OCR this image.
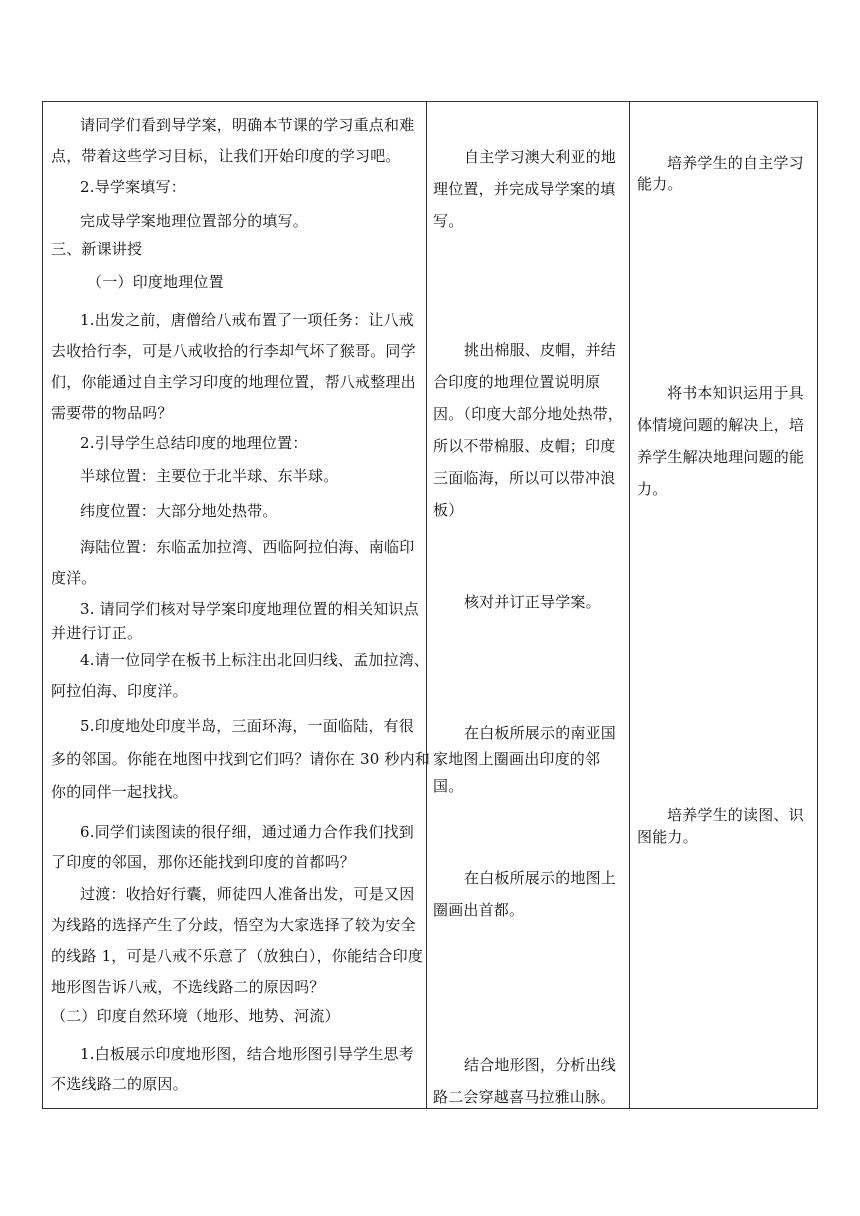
请同学们看到导学案，明确本节课的学习重点和难
点，带着这些学习目标，让我们开始印度的学习吧。
2.导学案填写：
完成导学案地理位置部分的填写。
三、新课讲授
（一）印度地理位置
1.出发之前，唐僧给八戒布置了一项任务：让八戒
去收拾行李，可是八戒收拾的行李却气坏了猴哥。同学
们，你能通过自主学习印度的地理位置，帮八戒整理出
需要带的物品吗？
2.引导学生总结印度的地理位置：
半球位置：主要位于北半球、东半球。
纬度位置：大部分地处热带。
海陆位置：东临孟加拉湾、西临阿拉伯海、南临印
度洋。
3. 请同学们核对导学案印度地理位置的相关知识点
并进行订正。
4.请一位同学在板书上标注出北回归线、孟加拉湾、
阿拉伯海、印度洋。
5.印度地处印度半岛，三面环海，一面临陆，有很
多的邻国。你能在地图中找到它们吗？请你在 30 秒内和
你的同伴一起找找。
6.同学们读图读的很仔细，通过通力合作我们找到
了印度的邻国，那你还能找到印度的首都吗？
过渡：收拾好行囊，师徒四人准备出发，可是又因
为线路的选择产生了分歧，悟空为大家选择了较为安全
的线路 1，可是八戒不乐意了（放独白），你能结合印度
地形图告诉八戒，不选线路二的原因吗？
（二）印度自然环境（地形、地势、河流）
1.白板展示印度地形图，结合地形图引导学生思考
不选线路二的原因。
自主学习澳大利亚的地
理位置，并完成导学案的填
写。
挑出棉服、皮帽，并结
合印度的地理位置说明原
因。（印度大部分地处热带，
所以不带棉服、皮帽；印度
三面临海，所以可以带冲浪
板）
核对并订正导学案。
在白板所展示的南亚国
家地图上圈画出印度的邻
国。
在白板所展示的地图上
圈画出首都。
结合地形图，分析出线
路二会穿越喜马拉雅山脉。
培养学生的自主学习
能力。
将书本知识运用于具
体情境问题的解决上，培
养学生解决地理问题的能
力。
培养学生的读图、识
图能力。
